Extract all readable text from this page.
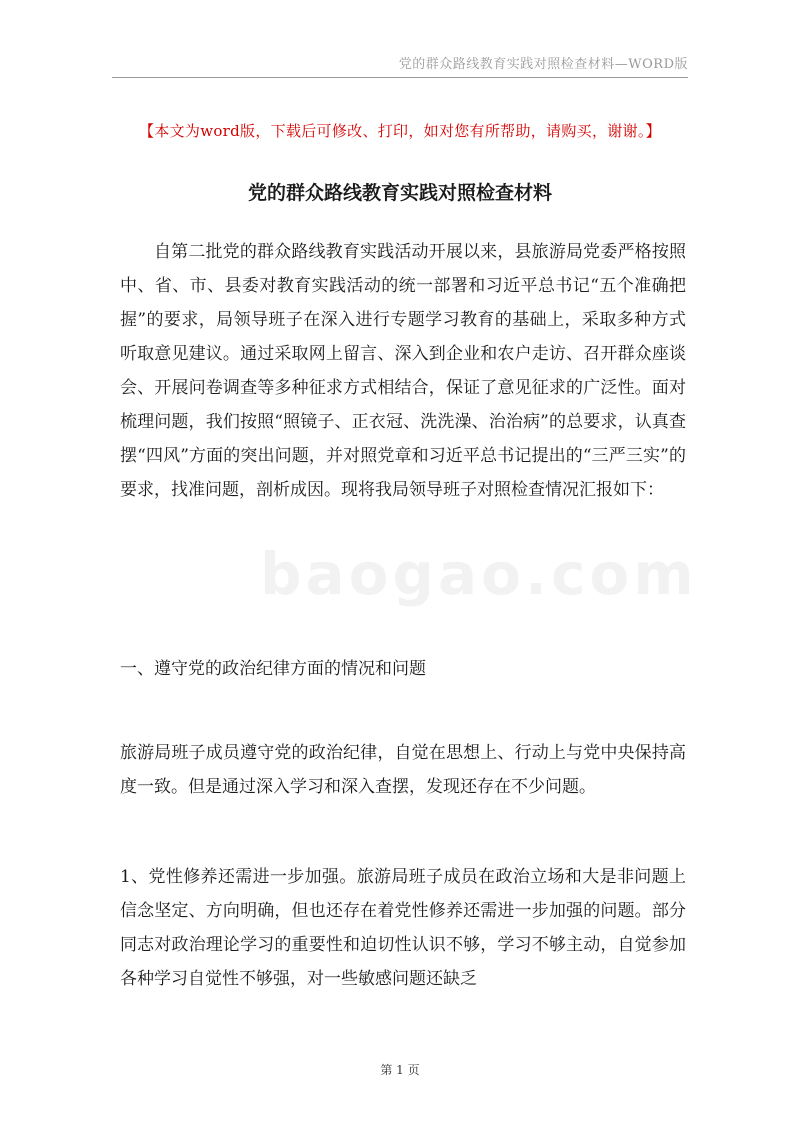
党的群众路线教育实践对照检查材料—WORD版
【本文为word版，下载后可修改、打印，如对您有所帮助，请购买，谢谢。】
党的群众路线教育实践对照检查材料
自第二批党的群众路线教育实践活动开展以来，县旅游局党委严格按照中、省、市、县委对教育实践活动的统一部署和习近平总书记“五个准确把握”的要求，局领导班子在深入进行专题学习教育的基础上，采取多种方式听取意见建议。通过采取网上留言、深入到企业和农户走访、召开群众座谈会、开展问卷调查等多种征求方式相结合，保证了意见征求的广泛性。面对梳理问题，我们按照“照镜子、正衣冠、洗洗澡、治治病”的总要求，认真查摆“四风”方面的突出问题，并对照党章和习近平总书记提出的“三严三实”的要求，找准问题，剖析成因。现将我局领导班子对照检查情况汇报如下：
一、遵守党的政治纪律方面的情况和问题
旅游局班子成员遵守党的政治纪律，自觉在思想上、行动上与党中央保持高度一致。但是通过深入学习和深入查摆，发现还存在不少问题。
1、党性修养还需进一步加强。旅游局班子成员在政治立场和大是非问题上信念坚定、方向明确，但也还存在着党性修养还需进一步加强的问题。部分同志对政治理论学习的重要性和迫切性认识不够，学习不够主动，自觉参加各种学习自觉性不够强，对一些敏感问题还缺乏
baogao.com
第 1 页
